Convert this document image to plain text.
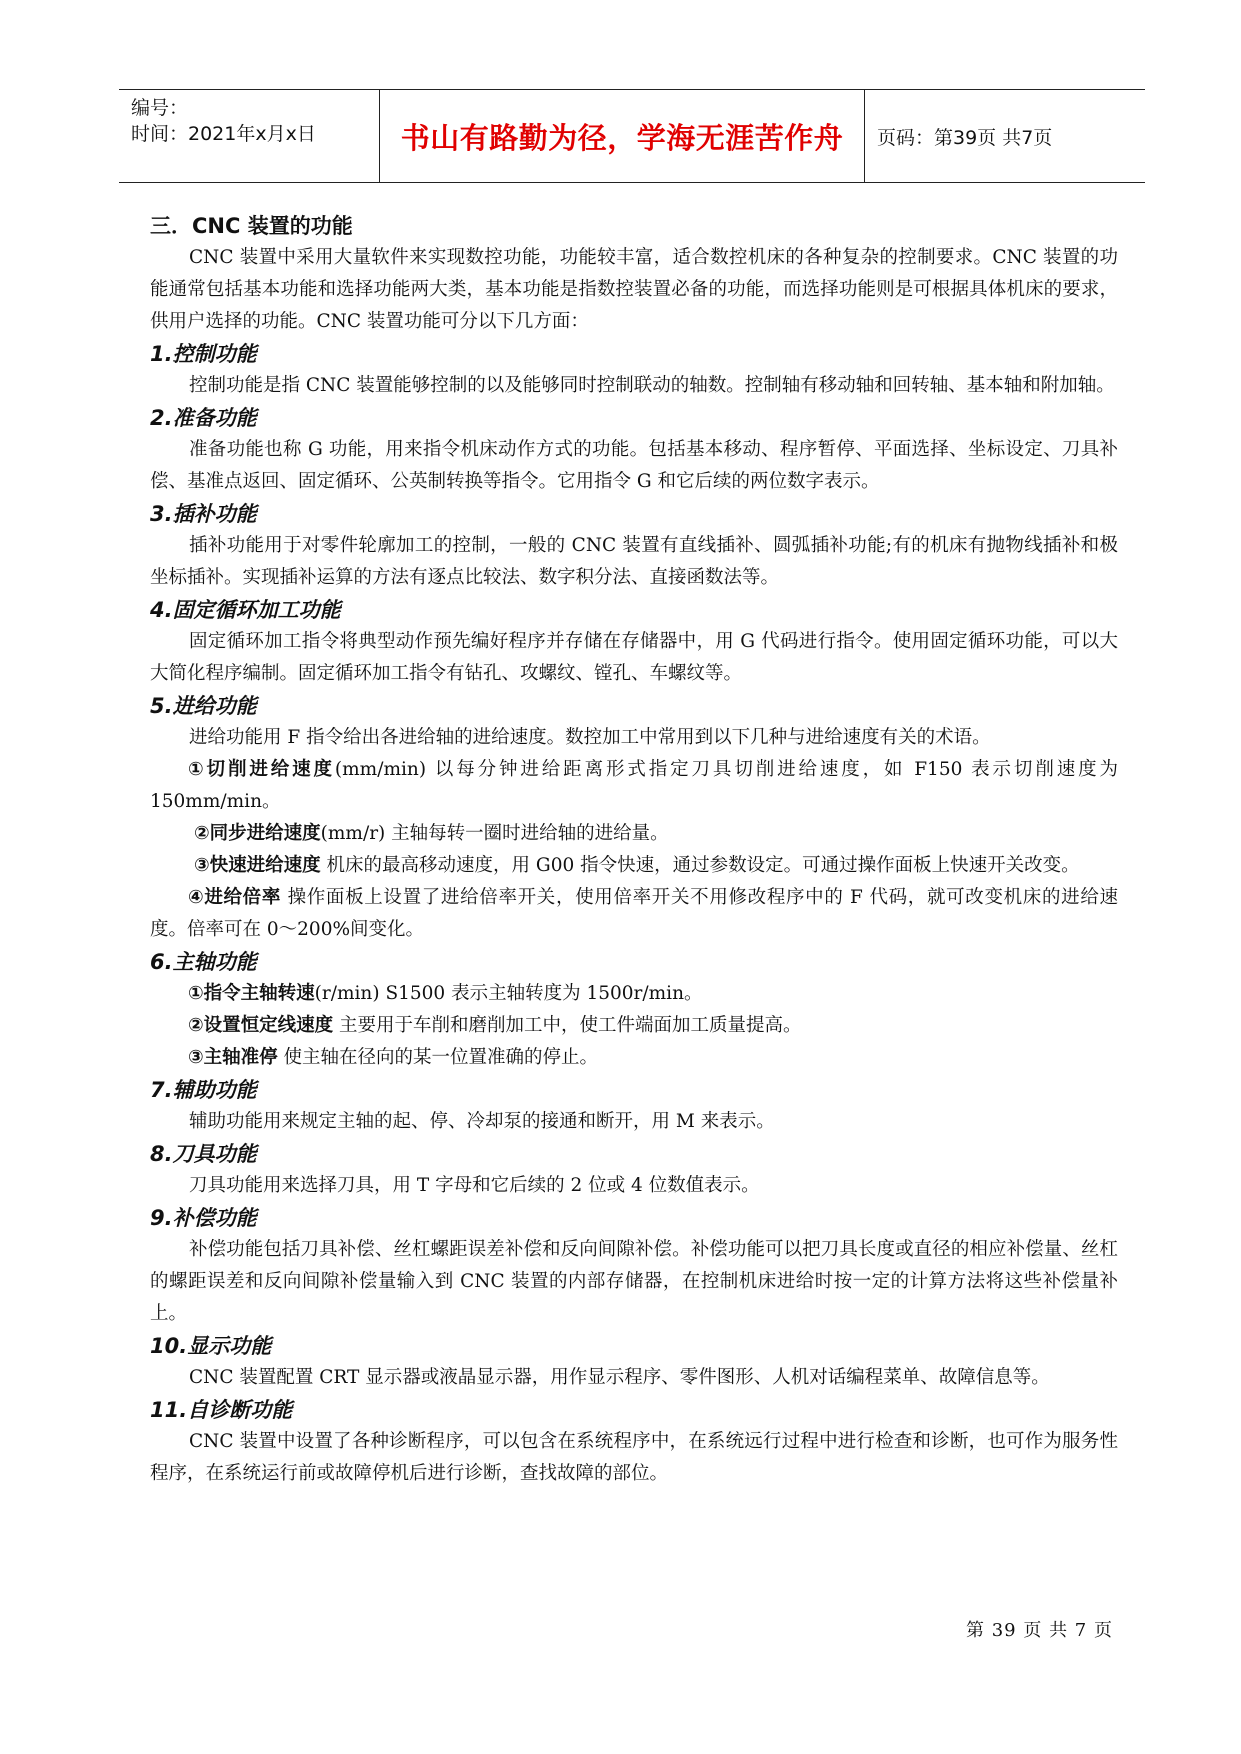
编号：
时间：2021年x月x日	书山有路勤为径，学海无涯苦作舟 页码：第39页 共7页
三．CNC 装置的功能

CNC 装置中采用大量软件来实现数控功能，功能较丰富，适合数控机床的各种复杂的控制要求。CNC 装置的功能通常包括基本功能和选择功能两大类，基本功能是指数控装置必备的功能，而选择功能则是可根据具体机床的要求，供用户选择的功能。CNC 装置功能可分以下几方面：

1.控制功能

控制功能是指 CNC 装置能够控制的以及能够同时控制联动的轴数。控制轴有移动轴和回转轴、基本轴和附加轴。

2.准备功能

准备功能也称 G 功能，用来指令机床动作方式的功能。包括基本移动、程序暂停、平面选择、坐标设定、刀具补偿、基准点返回、固定循环、公英制转换等指令。它用指令 G 和它后续的两位数字表示。

3.插补功能

插补功能用于对零件轮廓加工的控制，一般的 CNC 装置有直线插补、圆弧插补功能;有的机床有抛物线插补和极坐标插补。实现插补运算的方法有逐点比较法、数字积分法、直接函数法等。

4.固定循环加工功能

固定循环加工指令将典型动作预先编好程序并存储在存储器中，用 G 代码进行指令。使用固定循环功能，可以大大简化程序编制。固定循环加工指令有钻孔、攻螺纹、镗孔、车螺纹等。

5.进给功能

进给功能用 F 指令给出各进给轴的进给速度。数控加工中常用到以下几种与进给速度有关的术语。

①切削进给速度(mm/min) 以每分钟进给距离形式指定刀具切削进给速度，如 F150 表示切削速度为 150mm/min。

②同步进给速度(mm/r) 主轴每转一圈时进给轴的进给量。

③快速进给速度 机床的最高移动速度，用 G00 指令快速，通过参数设定。可通过操作面板上快速开关改变。

④进给倍率 操作面板上设置了进给倍率开关，使用倍率开关不用修改程序中的 F 代码，就可改变机床的进给速度。倍率可在 0～200%间变化。

6.主轴功能

①指令主轴转速(r/min) S1500 表示主轴转度为 1500r/min。

②设置恒定线速度 主要用于车削和磨削加工中，使工件端面加工质量提高。

③主轴准停 使主轴在径向的某一位置准确的停止。

7.辅助功能

辅助功能用来规定主轴的起、停、冷却泵的接通和断开，用 M 来表示。

8.刀具功能

刀具功能用来选择刀具，用 T 字母和它后续的 2 位或 4 位数值表示。

9.补偿功能

补偿功能包括刀具补偿、丝杠螺距误差补偿和反向间隙补偿。补偿功能可以把刀具长度或直径的相应补偿量、丝杠的螺距误差和反向间隙补偿量输入到 CNC 装置的内部存储器，在控制机床进给时按一定的计算方法将这些补偿量补上。

10.显示功能

CNC 装置配置 CRT 显示器或液晶显示器，用作显示程序、零件图形、人机对话编程菜单、故障信息等。

11.自诊断功能

CNC 装置中设置了各种诊断程序，可以包含在系统程序中，在系统远行过程中进行检查和诊断，也可作为服务性程序，在系统运行前或故障停机后进行诊断，查找故障的部位。

第 39 页 共 7 页
